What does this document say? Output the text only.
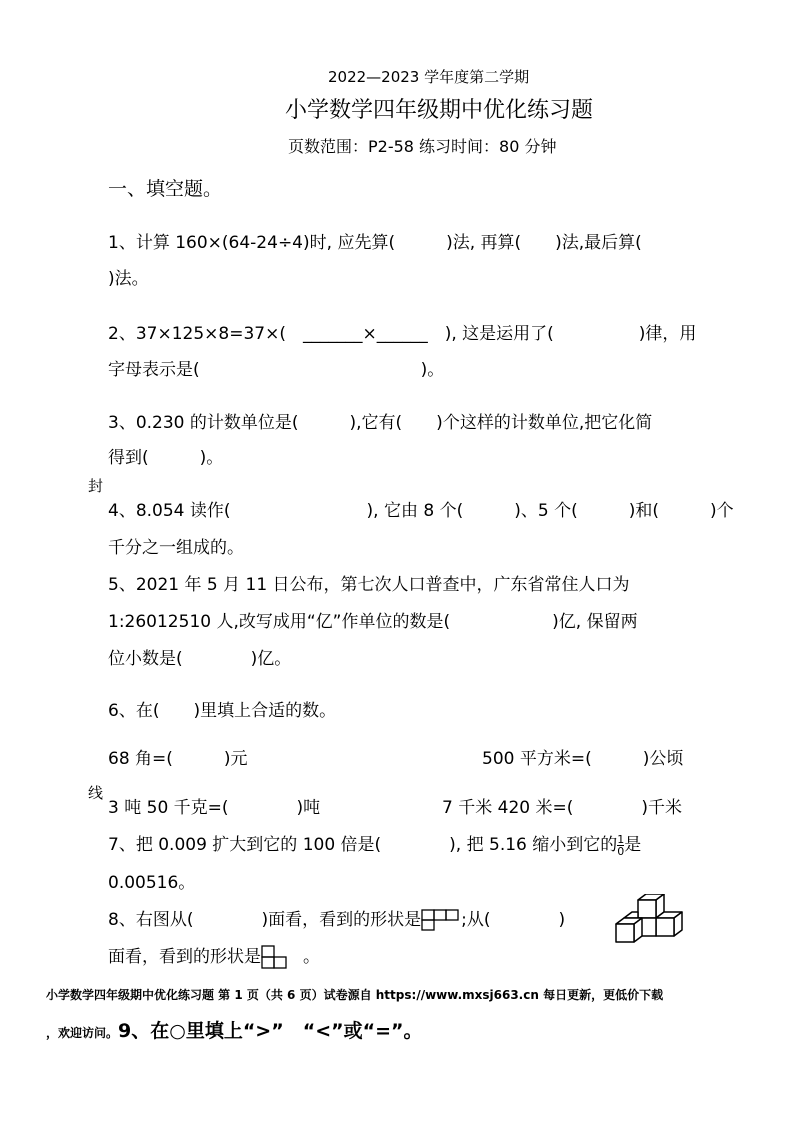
2022—2023 学年度第二学期
小学数学四年级期中优化练习题
页数范围：P2-58 练习时间：80 分钟
一、填空题。
1、计算 160×(64-24÷4)时, 应先算(　　　)法, 再算(　　)法,最后算(
)法。
2、37×125×8=37×(　_______×______　), 这是运用了(　　　　　)律，用
字母表示是(　　　　　　　　　　　　　)。
3、0.230 的计数单位是(　　　),它有(　　)个这样的计数单位,把它化简
得到(　　　)。
封
4、8.054 读作(　　　　　　　　), 它由 8 个(　　　)、5 个(　　　)和(　　　)个
千分之一组成的。
5、2021 年 5 月 11 日公布，第七次人口普查中，广东省常住人口为
1:26012510 人,改写成用“亿”作单位的数是(　　　　　　)亿, 保留两
位小数是(　　　　)亿。
6、在(　　)里填上合适的数。
68 角=(　　　)元	500 平方米=(　　　)公顷
线
3 吨 50 千克=(　　　　)吨	7 千米 420 米=(　　　　)千米
7、把 0.009 扩大到它的 100 倍是(　　　　), 把 5.16 缩小到它的 $\frac{1}{0}$ 是
0.00516。
8、右图从(　　　　)面看，看到的形状是 ;从(　　　　)
面看，看到的形状是 。
小学数学四年级期中优化练习题 第 1 页（共 6 页）试卷源自 https://www.mxsj663.cn 每日更新，更低价下载
，欢迎访问。9、在○里填上“>”　“<”或“=”。
